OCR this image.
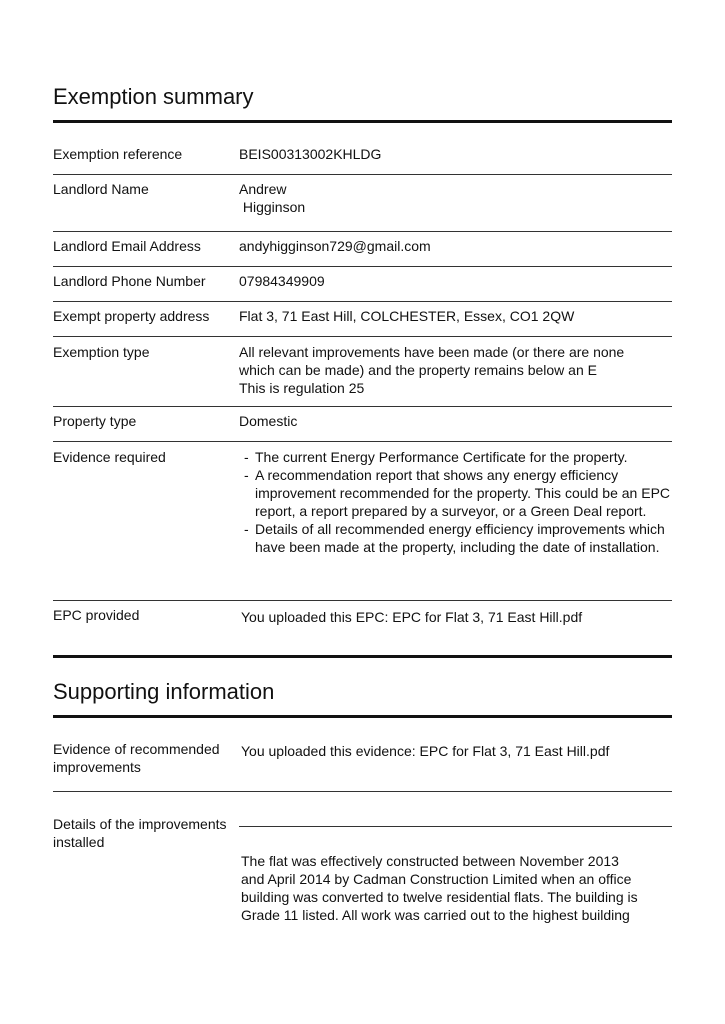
Exemption summary
Exemption reference	BEIS00313002KHLDG
Landlord Name	Andrew
Higginson
Landlord Email Address	andyhigginson729@gmail.com
Landlord Phone Number	07984349909
Exempt property address	Flat 3, 71 East Hill, COLCHESTER, Essex, CO1 2QW
Exemption type	All relevant improvements have been made (or there are none
which can be made) and the property remains below an E
This is regulation 25
Property type	Domestic
Evidence required
-	The current Energy Performance Certificate for the property.
- A recommendation report that shows any energy efficiency improvement recommended for the property. This could be an EPC report, a report prepared by a surveyor, or a Green Deal report.
- Details of all recommended energy efficiency improvements which have been made at the property, including the date of installation.
EPC provided	You uploaded this EPC: EPC for Flat 3, 71 East Hill.pdf
Supporting information
Evidence of recommended
improvements
You uploaded this evidence: EPC for Flat 3, 71 East Hill.pdf
Details of the improvements
installed
The flat was effectively constructed between November 2013
and April 2014 by Cadman Construction Limited when an office
building was converted to twelve residential flats. The building is
Grade 11 listed. All work was carried out to the highest building
